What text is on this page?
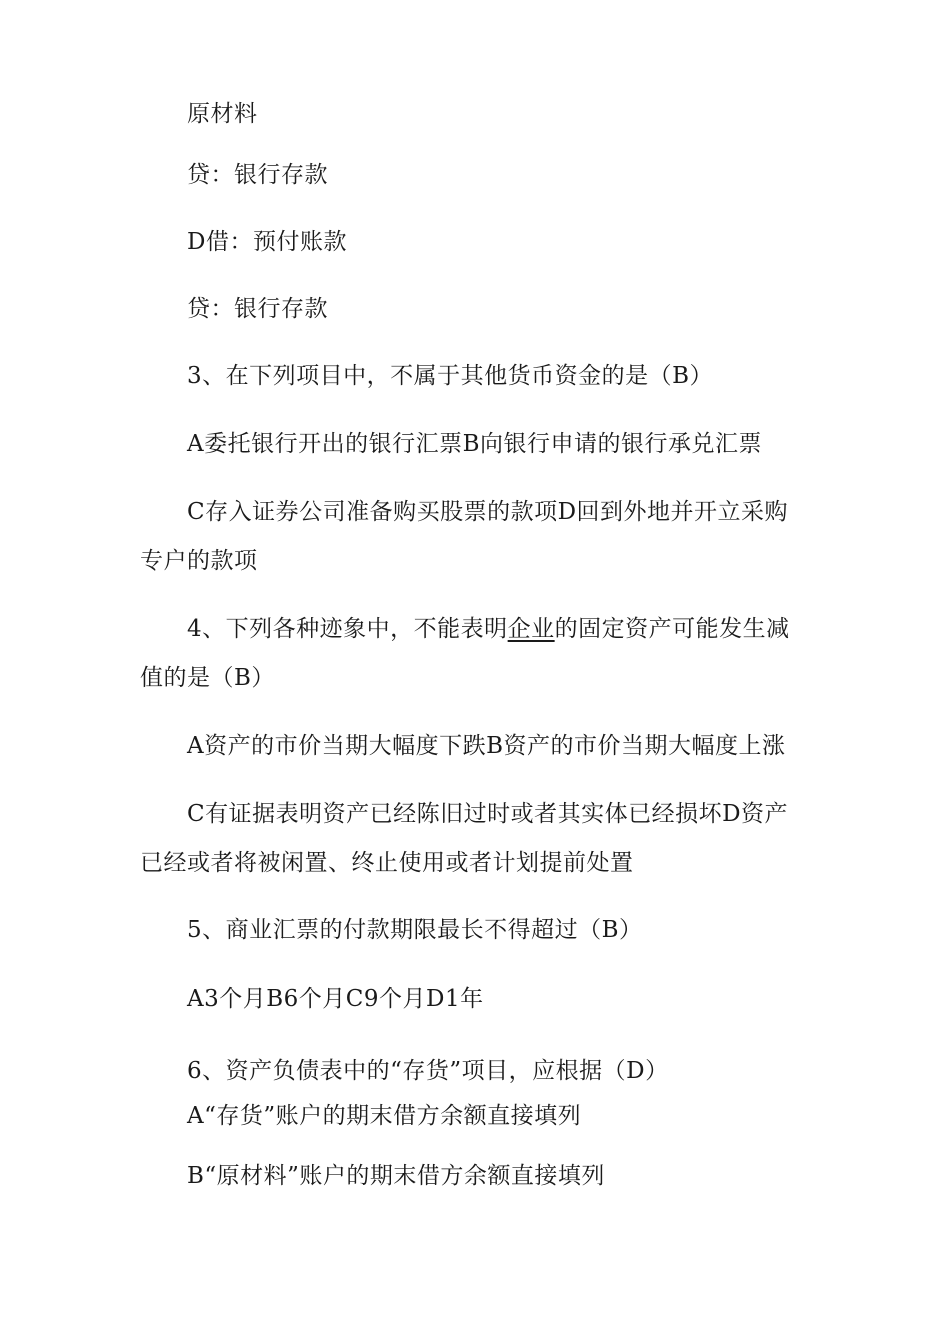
原材料
贷：银行存款
D借：预付账款
贷：银行存款
3、在下列项目中，不属于其他货币资金的是（B）
A委托银行开出的银行汇票B向银行申请的银行承兑汇票
C存入证券公司准备购买股票的款项D回到外地并开立采购
专户的款项
4、下列各种迹象中，不能表明企业的固定资产可能发生减
值的是（B）
A资产的市价当期大幅度下跌B资产的市价当期大幅度上涨
C有证据表明资产已经陈旧过时或者其实体已经损坏D资产
已经或者将被闲置、终止使用或者计划提前处置
5、商业汇票的付款期限最长不得超过（B）
A3个月B6个月C9个月D1年
6、资产负债表中的“存货”项目，应根据（D）
A“存货”账户的期末借方余额直接填列
B“原材料”账户的期末借方余额直接填列
